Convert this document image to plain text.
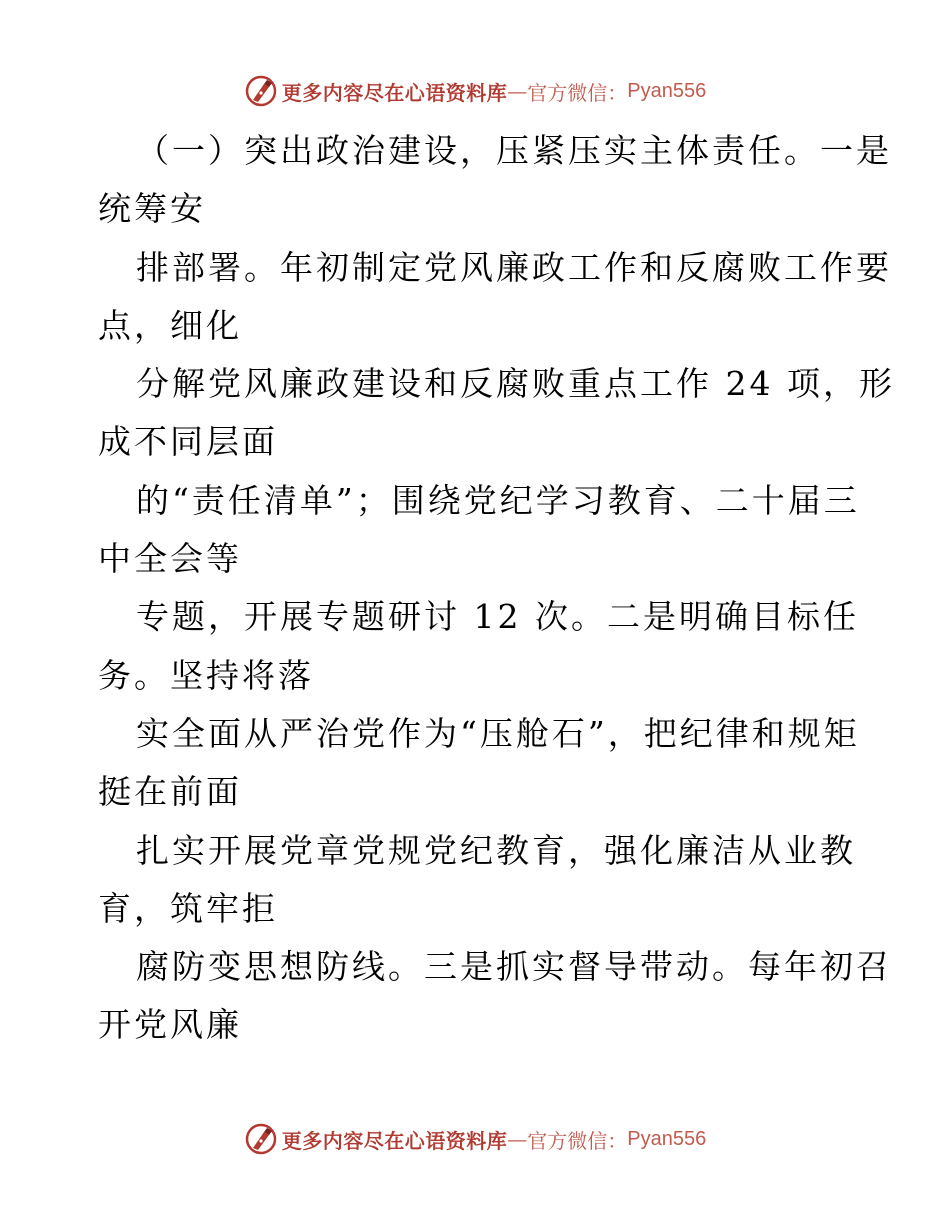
更多内容尽在心语资料库 — 官方微信： Pyan556
（一）突出政治建设，压紧压实主体责任。一是
统筹安
排部署。年初制定党风廉政工作和反腐败工作要
点，细化
分解党风廉政建设和反腐败重点工作 24 项，形
成不同层面
的“责任清单”；围绕党纪学习教育、二十届三
中全会等
专题，开展专题研讨 12 次。二是明确目标任
务。坚持将落
实全面从严治党作为“压舱石”，把纪律和规矩
挺在前面
扎实开展党章党规党纪教育，强化廉洁从业教
育，筑牢拒
腐防变思想防线。三是抓实督导带动。每年初召
开党风廉
更多内容尽在心语资料库 — 官方微信： Pyan556
